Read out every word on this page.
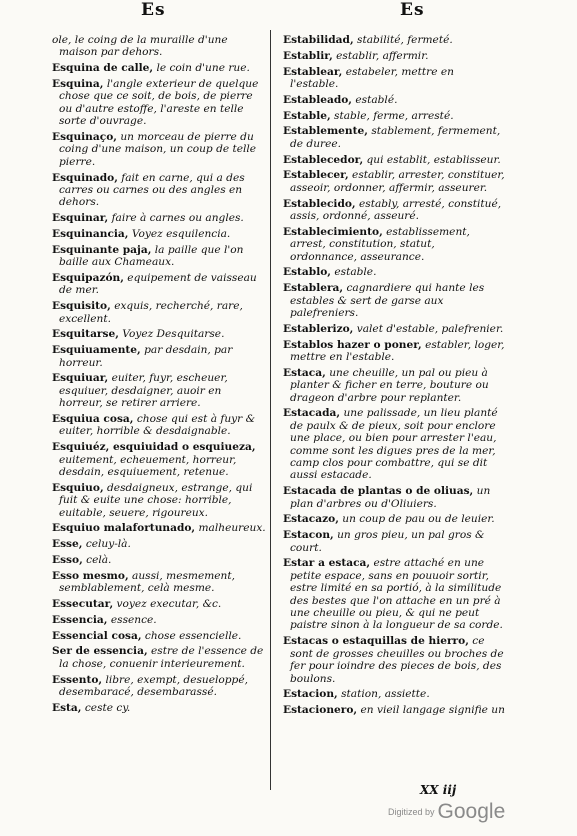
Es	Es
ole, le coing de la muraille d'une maison par dehors.
Esquina de calle, le coin d'une rue.
Esquina, l'angle exterieur de quelque chose que ce soit, de bois, de pierre ou d'autre estoffe, l'areste en telle sorte d'ouvrage.
Esquinaço, un morceau de pierre du coing d'une maison, un coup de telle pierre.
Esquinado, fait en carne, qui a des carres ou carnes ou des angles en dehors.
Esquinar, faire à carnes ou angles.
Esquinancia, Voyez esquilencia.
Esquinante paja, la paille que l'on baille aux Chameaux.
Esquipazón, equipement de vaisseau de mer.
Esquisito, exquis, recherché, rare, excellent.
Esquitarse, Voyez Desquitarse.
Esquiuamente, par desdain, par horreur.
Esquiuar, euiter, fuyr, escheuer, esquiuer, desdaigner, auoir en horreur, se retirer arriere.
Esquiua cosa, chose qui est à fuyr & euiter, horrible & desdaignable.
Esquiuéz, esquiuidad o esquiueza, euitement, echeuement, horreur, desdain, esquiuement, retenue.
Esquiuo, desdaigneux, estrange, qui fuit & euite une chose: horrible, euitable, seuere, rigoureux.
Esquiuo malafortunado, malheureux.
Esse, celuy-là.
Esso, celà.
Esso mesmo, aussi, mesmement, semblablement, celà mesme.
Essecutar, voyez executar, &c.
Essencia, essence.
Essencial cosa, chose essencielle.
Ser de essencia, estre de l'essence de la chose, conuenir interieurement.
Essento, libre, exempt, desueloppé, desembaracé, desembarassé.
Esta, ceste cy.
Estabilidad, stabilité, fermeté.
Establir, establir, affermir.
Establear, estabeler, mettre en l'estable.
Estableado, establé.
Estable, stable, ferme, arresté.
Establemente, stablement, fermement, de duree.
Establecedor, qui establit, establisseur.
Establecer, establir, arrester, constituer, asseoir, ordonner, affermir, asseurer.
Establecido, estably, arresté, constitué, assis, ordonné, asseuré.
Establecimiento, establissement, arrest, constitution, statut, ordonnance, asseurance.
Establo, estable.
Establera, cagnardiere qui hante les estables & sert de garse aux palefreniers.
Establerizo, valet d'estable, palefrenier.
Establos hazer o poner, establer, loger, mettre en l'estable.
Estaca, une cheuille, un pal ou pieu à planter & ficher en terre, bouture ou drageon d'arbre pour replanter.
Estacada, une palissade, un lieu planté de paulx & de pieux, soit pour enclore une place, ou bien pour arrester l'eau, comme sont les digues pres de la mer, camp clos pour combattre, qui se dit aussi estacade.
Estacada de plantas o de oliuas, un plan d'arbres ou d'Oliuiers.
Estacazo, un coup de pau ou de leuier.
Estacon, un gros pieu, un pal gros & court.
Estar a estaca, estre attaché en une petite espace, sans en pouuoir sortir, estre limité en sa portió, à la similitude des bestes que l'on attache en un pré à une cheuille ou pieu, & qui ne peut paistre sinon à la longueur de sa corde.
Estacas o estaquillas de hierro, ce sont de grosses cheuilles ou broches de fer pour ioindre des pieces de bois, des boulons.
Estacion, station, assiette.
Estacionero, en vieil langage signifie un
XX iij
Digitized by Google
